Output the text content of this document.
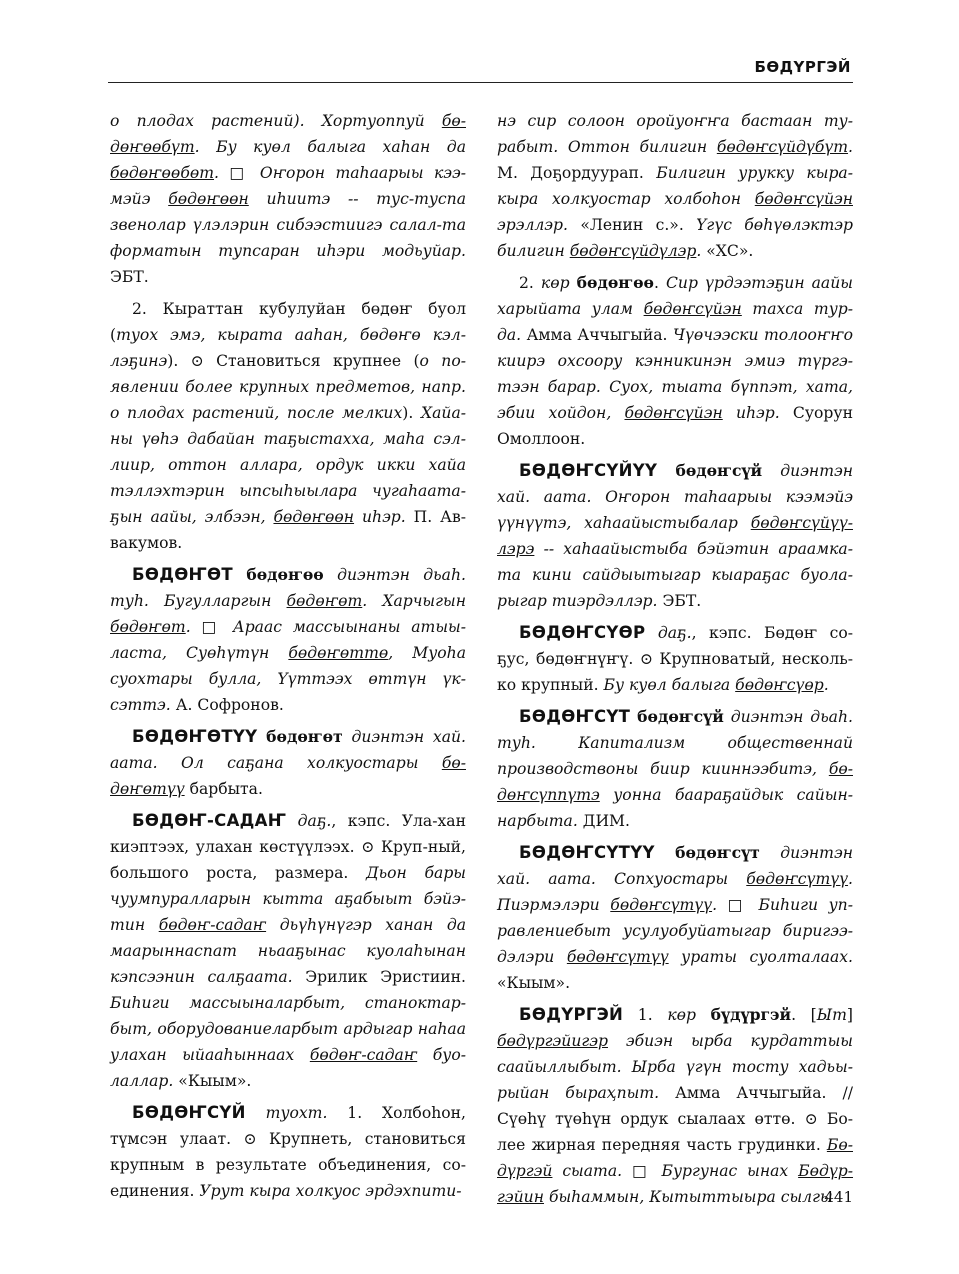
БӨДҮРГЭЙ

о плодах растений). Хортуоппуй бө-дөҥөөбүт. Бу куөл балыга хаһан да бөдөҥөөбөт. □ Оҥорон таһаарыы кээ-мэйэ бөдөҥөөн иһиитэ -- тус-туспа звенолар үлэлэрин сибээстиигэ салал-та форматын тупсаран иһэри модьуйар. ЭБТ.

2. Кыраттан кубулуйан бөдөҥ буол (туох эмэ, кырата ааһан, бөдөҥө кэл-лэҕинэ). ⊙ Становиться крупнее (о по-явлении более крупных предметов, напр. о плодах растений, после мелких). Хайа-ны үөһэ дабайан таҕыстахха, маһа сэл-лиир, оттон аллара, ордук икки хайа тэллэхтэрин ыпсыһыылара чугаһаата-ҕын аайы, элбээн, бөдөҥөөн иһэр. П. Ав-вакумов.

БӨДӨҤӨТ бөдөҥөө диэнтэн дьаһ. туһ. Бугулларгын бөдөҥөт. Харчыгын бөдөҥөт. □ Араас массыынаны атыы-ласта, Суөһүтүн бөдөҥөттө, Муоһа суохтары булла, Үүттээх өттүн үк-сэттэ. А. Софронов.

БӨДӨҤӨТҮҮ бөдөҥөт диэнтэн хай. аата. Ол саҕана холкуостары бө-дөҥөтүү барбыта.

БӨДӨҤ-САДАҤ даҕ., кэпс. Ула-хан киэптээх, улахан көстүүлээх. ⊙ Круп-ный, большого роста, размера. Дьон бары чуумпуралларын кытта аҕабыыт бэйэ-тин бөдөҥ-садаҥ дьүһүнүгэр ханан да маарыннаспат ньааҕынас куолаһынан кэпсээнин салҕаата. Эрилик Эристиин. Биһиги массыыналарбыт, станоктар-быт, оборудованиеларбыт ардыгар наһаа улахан ыйааһыннаах бөдөҥ-садаҥ буо-лаллар. «Кыым».

БӨДӨҤСҮЙ туохт. 1. Холбоһон, түмсэн улаат. ⊙ Крупнеть, становиться крупным в результате объединения, со-единения. Урут кыра холкуос эрдэхпити-

нэ сир солоон оройуоҥҥа бастаан ту-рабыт. Оттон билигин бөдөҥсүйдүбүт. М. Доҕордуурап. Билигин урукку кыра-кыра холкуостар холбоһон бөдөҥсүйэн эрэллэр. «Ленин с.». Үгүс бөһүөлэктэр билигин бөдөҥсүйдүлэр. «ХС».

2. көр бөдөҥөө. Сир үрдээтэҕин аайы харыйата улам бөдөҥсүйэн тахса тур-да. Амма Аччыгыйа. Чүөчээски толооҥҥо киирэ охсоору кэнникинэн эмиэ түргэ-тээн барар. Суох, тыата бүппэт, хата, эбии хойдон, бөдөҥсүйэн иһэр. Суорун Омоллоон.

БӨДӨҤСҮЙҮҮ бөдөҥсүй диэнтэн хай. аата. Оҥорон таһаарыы кээмэйэ үүнүүтэ, хаһаайыстыбалар бөдөҥсүйүү-лэрэ -- хаһаайыстыба бэйэтин араамка-та кини сайдыытыгар кыараҕас буола-рыгар тиэрдэллэр. ЭБТ.

БӨДӨҤСҮӨР даҕ., кэпс. Бөдөҥ со-ҕус, бөдөҥнүҥү. ⊙ Крупноватый, несколь-ко крупный. Бу куөл балыга бөдөҥсүөр.

БӨДӨҤСҮТ бөдөҥсүй диэнтэн дьаһ. туһ. Капитализм общественнай производствоны биир кииннээбитэ, бө-дөҥсүппүтэ уонна баараҕайдык сайын-нарбыта. ДИМ.

БӨДӨҤСҮТҮҮ бөдөҥсүт диэнтэн хай. аата. Сопхуостары бөдөҥсүтүү. Пиэрмэлэри бөдөҥсүтүү. □ Биһиги уп-равлениебыт усулуобуйатыгар биригээ-дэлэри бөдөҥсүтүү ураты суолталаах. «Кыым».

БӨДҮРГЭЙ 1. көр бүдүргэй. [Ыт] бөдүргэйигэр эбиэн ырба курдаттыы саайыллыбыт. Ырба үгүн тосту хадьы-рыйан быраҳпыт. Амма Аччыгыйа. // Сүөһү түөһүн ордук сыалаах өттө. ⊙ Бо-лее жирная передняя часть грудинки. Бө-дүргэй сыата. □ Бургунас ынах Бөдүр-гэйин быһаммын, Кытыттыыра сылгы

441
